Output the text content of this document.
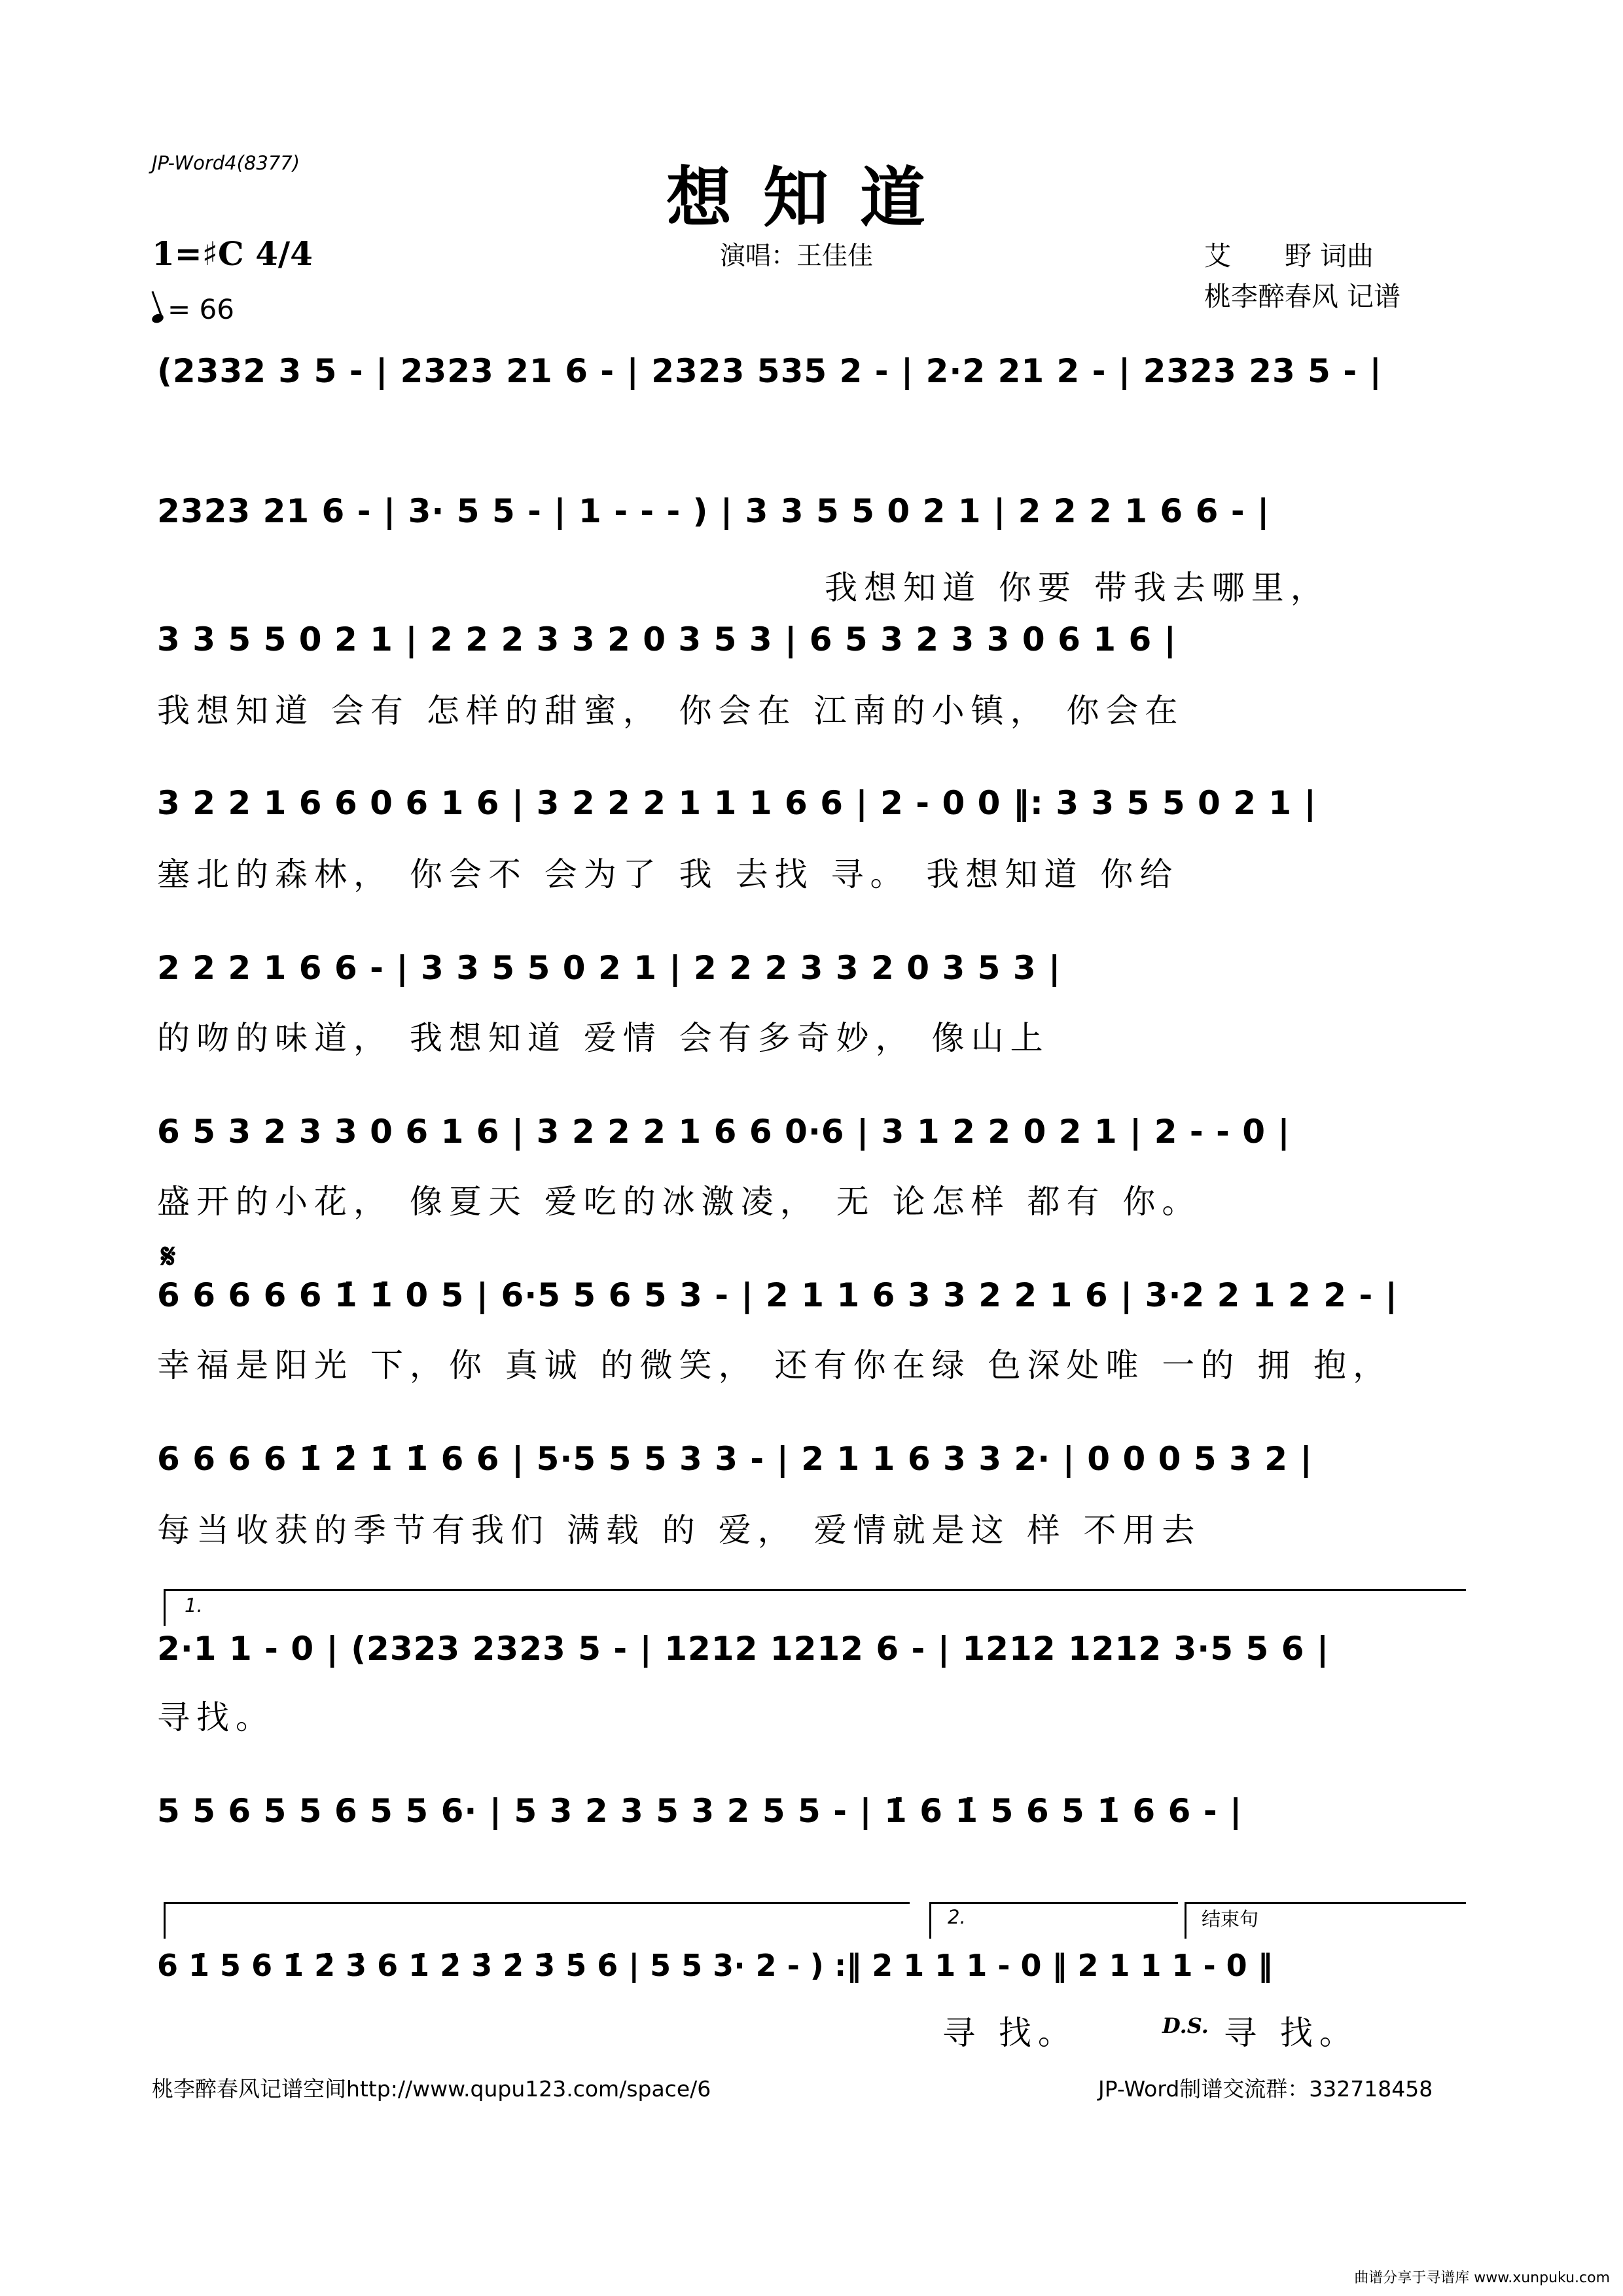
JP-Word4(8377)	想知道
1=♯C 4/4
= 66
演唱：王佳佳	艾　　野 词曲
桃李醉春风 记谱
(2332 3 5 - | 2323 21 6 - | 2323 535 2 - | 2·2 21 2 - | 2323 23 5 - |
2323 21 6 - | 3· 5 5 - | 1 - - - ) | 3 3 5 5 0 2 1 | 2 2 2 1 6 6 - |
我想知道 你要 带我去哪里，
3 3 5 5 0 2 1 | 2 2 2 3 3 2 0 3 5 3 | 6 5 3 2 3 3 0 6 1 6 |
我想知道 会有 怎样的甜蜜， 你会在 江南的小镇， 你会在
3 2 2 1 6 6 0 6 1 6 | 3 2 2 2 1 1 1 6 6 | 2 - 0 0 ‖: 3 3 5 5 0 2 1 |
塞北的森林， 你会不 会为了 我 去找 寻。 我想知道 你给
2 2 2 1 6 6 - | 3 3 5 5 0 2 1 | 2 2 2 3 3 2 0 3 5 3 |
的吻的味道， 我想知道 爱情 会有多奇妙， 像山上
6 5 3 2 3 3 0 6 1 6 | 3 2 2 2 1 6 6 0·6 | 3 1 2 2 0 2 1 | 2 - - 0 |
盛开的小花， 像夏天 爱吃的冰激凌， 无 论怎样 都有 你。
𝄋
6 6 6 6 6 1̇ 1̇ 0 5 | 6·5 5 6 5 3 - | 2 1 1 6 3 3 2 2 1 6 | 3·2 2 1 2 2 - |
幸福是阳光 下，你 真诚 的微笑， 还有你在绿 色深处唯 一的 拥 抱，
6 6 6 6 1̇ 2̇ 1̇ 1̇ 6 6 | 5·5 5 5 3 3 - | 2 1 1 6 3 3 2· | 0 0 0 5 3 2 |
每当收获的季节有我们 满载 的 爱， 爱情就是这 样 不用去
1.
2·1 1 - 0 | (2323 2323 5 - | 1212 1212 6 - | 1212 1212 3·5 5 6 |
寻找。
5 5 6 5 5 6 5 5 6· | 5 3 2 3 5 3 2 5 5 - | 1̇ 6 1̇ 5 6 5 1̇ 6 6 - |
2.	结束句
6 1̇ 5 6 1̇ 2̇ 3̇ 6 1̇ 2̇ 3̇ 2̇ 3̇ 5̇ 6̇ | 5 5 3· 2 - ) :‖ 2 1 1 1 - 0 ‖ 2 1 1 1 - 0 ‖
寻 找。	D.S. 寻 找。
桃李醉春风记谱空间http://www.qupu123.com/space/6	JP-Word制谱交流群：332718458
曲谱分享于寻谱库 www.xunpuku.com
